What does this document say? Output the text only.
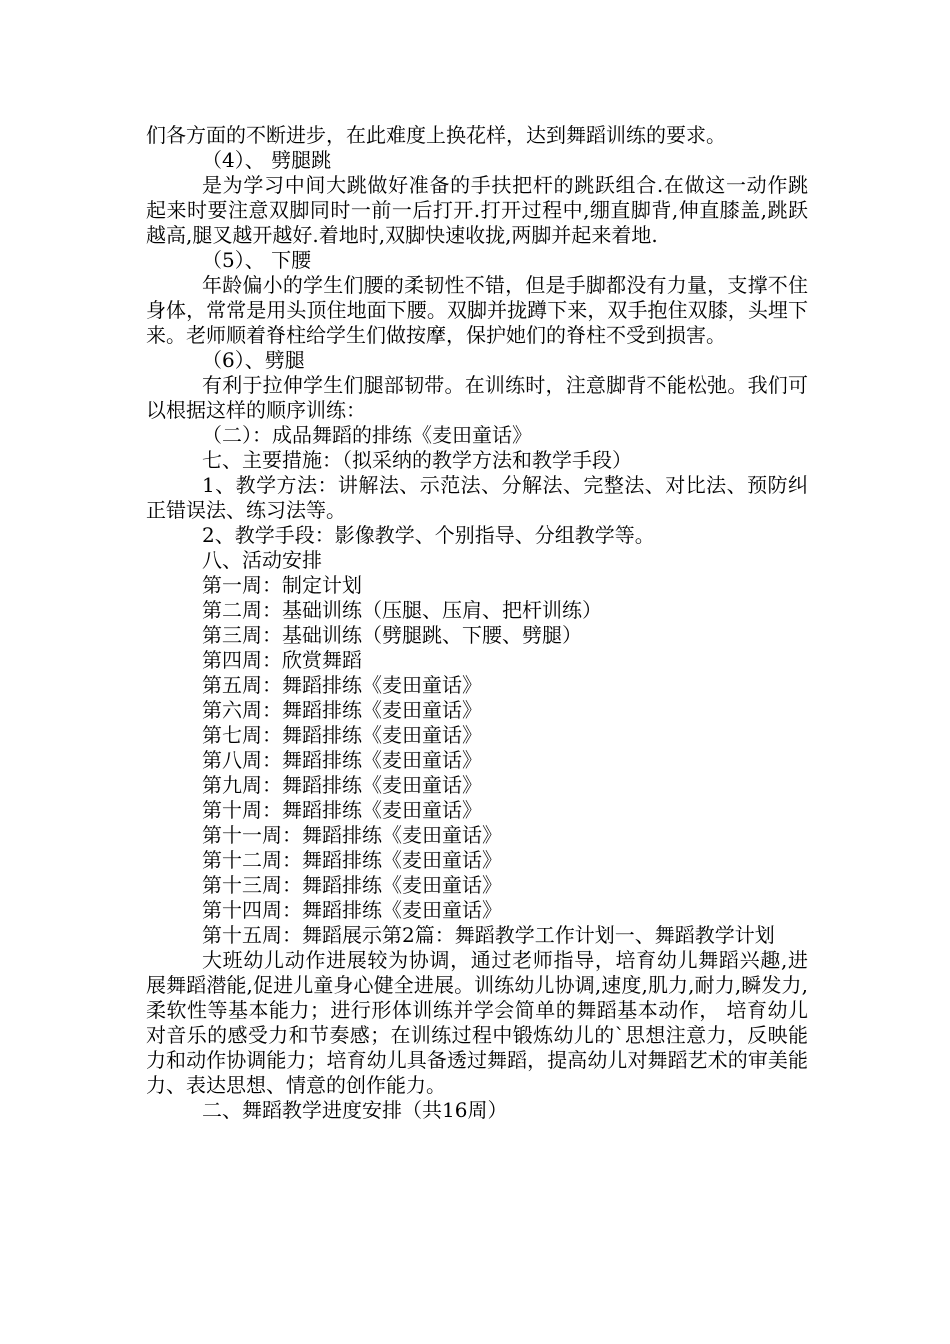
们各方面的不断进步，在此难度上换花样，达到舞蹈训练的要求。

（4）、 劈腿跳

是为学习中间大跳做好准备的手扶把杆的跳跃组合.在做这一动作跳起来时要注意双脚同时一前一后打开.打开过程中,绷直脚背,伸直膝盖,跳跃越高,腿叉越开越好.着地时,双脚快速收拢,两脚并起来着地.

（5）、 下腰

年龄偏小的学生们腰的柔韧性不错，但是手脚都没有力量，支撑不住身体，常常是用头顶住地面下腰。双脚并拢蹲下来，双手抱住双膝，头埋下来。老师顺着脊柱给学生们做按摩，保护她们的脊柱不受到损害。

（6）、劈腿

有利于拉伸学生们腿部韧带。在训练时，注意脚背不能松弛。我们可以根据这样的顺序训练：

（二）：成品舞蹈的排练《麦田童话》

七、主要措施：（拟采纳的教学方法和教学手段）

1、教学方法：讲解法、示范法、分解法、完整法、对比法、预防纠正错误法、练习法等。

2、教学手段：影像教学、个别指导、分组教学等。

八、活动安排

第一周：制定计划

第二周：基础训练（压腿、压肩、把杆训练）

第三周：基础训练（劈腿跳、下腰、劈腿）

第四周：欣赏舞蹈

第五周：舞蹈排练《麦田童话》

第六周：舞蹈排练《麦田童话》

第七周：舞蹈排练《麦田童话》

第八周：舞蹈排练《麦田童话》

第九周：舞蹈排练《麦田童话》

第十周：舞蹈排练《麦田童话》

第十一周：舞蹈排练《麦田童话》

第十二周：舞蹈排练《麦田童话》

第十三周：舞蹈排练《麦田童话》

第十四周：舞蹈排练《麦田童话》

第十五周：舞蹈展示第2篇：舞蹈教学工作计划一、舞蹈教学计划

大班幼儿动作进展较为协调，通过老师指导，培育幼儿舞蹈兴趣,进展舞蹈潜能,促进儿童身心健全进展。训练幼儿协调,速度,肌力,耐力,瞬发力,柔软性等基本能力；进行形体训练并学会简单的舞蹈基本动作， 培育幼儿对音乐的感受力和节奏感；在训练过程中锻炼幼儿的`思想注意力，反映能力和动作协调能力；培育幼儿具备透过舞蹈，提高幼儿对舞蹈艺术的审美能力、表达思想、情意的创作能力。

二、舞蹈教学进度安排（共16周）
